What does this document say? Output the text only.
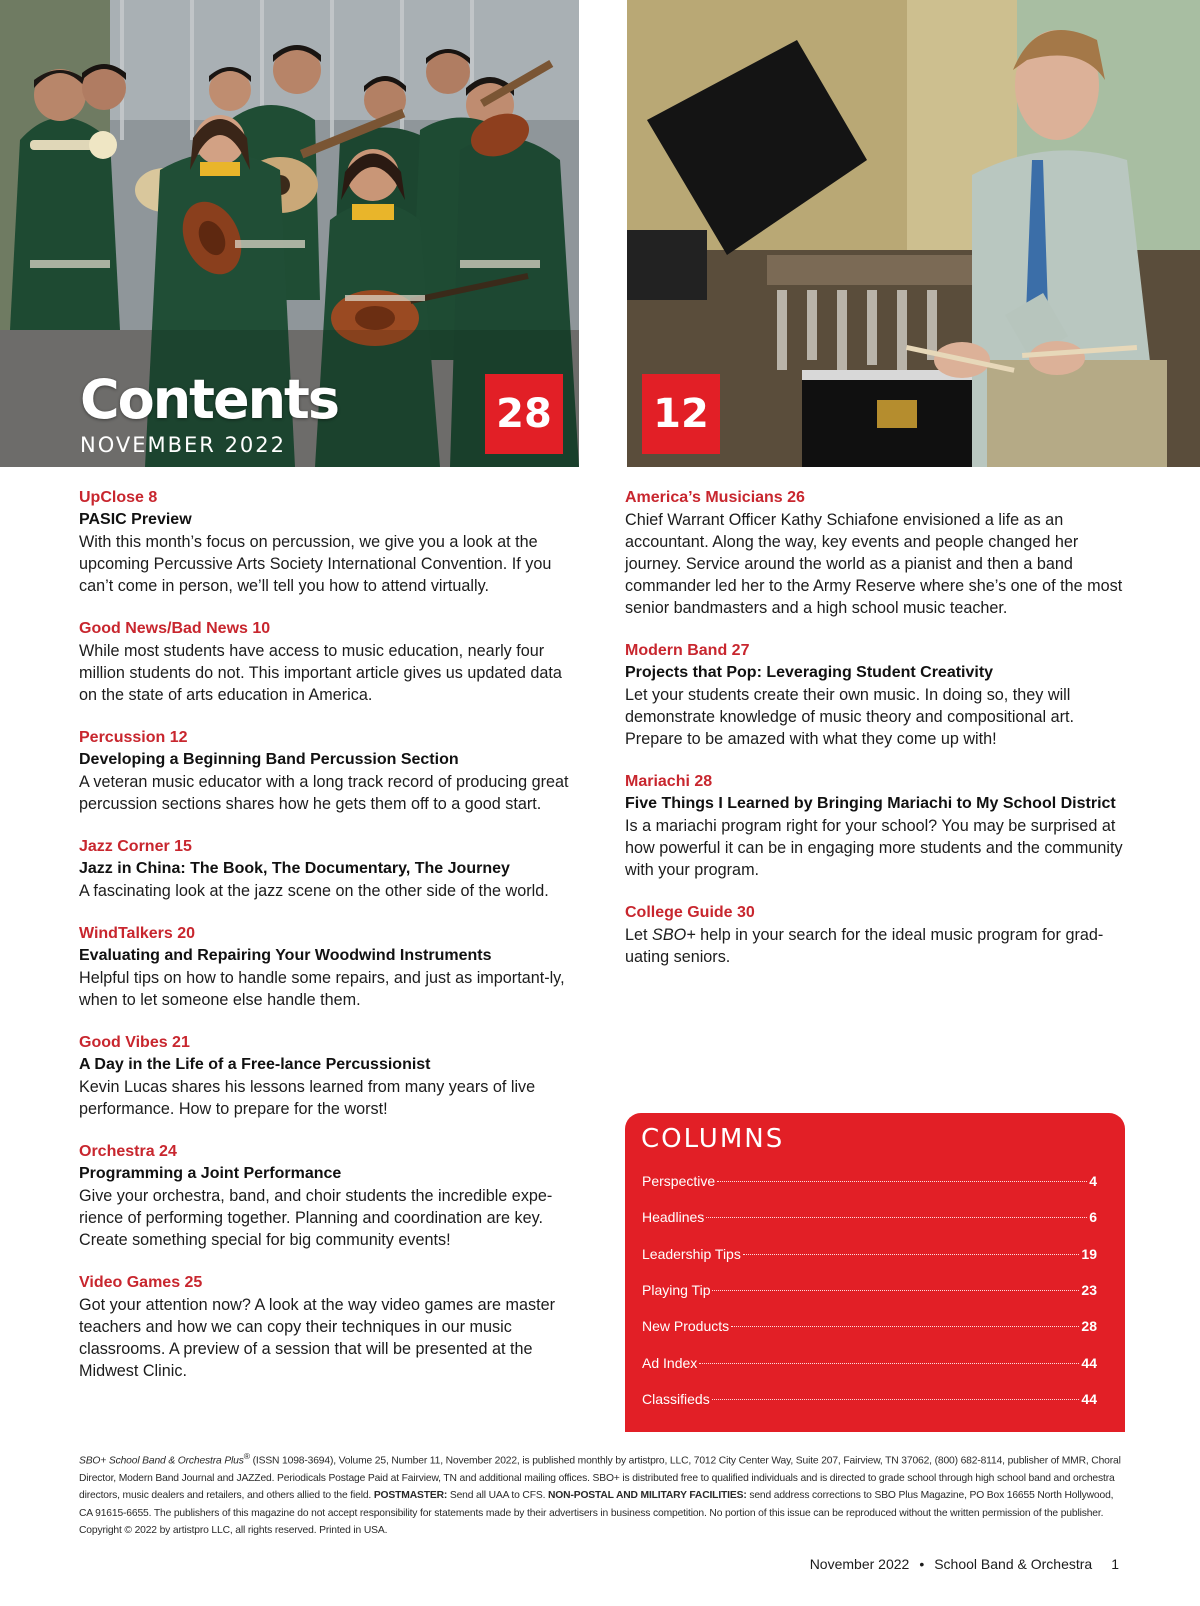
Contents
NOVEMBER 2022
28	12
UpClose 8
PASIC Preview
With this month’s focus on percussion, we give you a look at the upcoming Percussive Arts Society International Convention. If you can’t come in person, we’ll tell you how to attend virtually.
Good News/Bad News 10
While most students have access to music education, nearly four million students do not. This important article gives us updated data on the state of arts education in America.
Percussion 12
Developing a Beginning Band Percussion Section
A veteran music educator with a long track record of producing great percussion sections shares how he gets them off to a good start.
Jazz Corner 15
Jazz in China: The Book, The Documentary, The Journey
A fascinating look at the jazz scene on the other side of the world.
WindTalkers 20
Evaluating and Repairing Your Woodwind Instruments
Helpful tips on how to handle some repairs, and just as important-ly, when to let someone else handle them.
Good Vibes 21
A Day in the Life of a Free-lance Percussionist
Kevin Lucas shares his lessons learned from many years of live performance. How to prepare for the worst!
Orchestra 24
Programming a Joint Performance
Give your orchestra, band, and choir students the incredible expe-rience of performing together. Planning and coordination are key. Create something special for big community events!
Video Games 25
Got your attention now? A look at the way video games are master teachers and how we can copy their techniques in our music classrooms. A preview of a session that will be presented at the Midwest Clinic.
America’s Musicians 26
Chief Warrant Officer Kathy Schiafone envisioned a life as an accountant. Along the way, key events and people changed her journey. Service around the world as a pianist and then a band commander led her to the Army Reserve where she’s one of the most senior bandmasters and a high school music teacher.
Modern Band 27
Projects that Pop: Leveraging Student Creativity
Let your students create their own music. In doing so, they will demonstrate knowledge of music theory and compositional art. Prepare to be amazed with what they come up with!
Mariachi 28
Five Things I Learned by Bringing Mariachi to My School District
Is a mariachi program right for your school? You may be surprised at how powerful it can be in engaging more students and the community with your program.
College Guide 30
Let SBO+ help in your search for the ideal music program for grad-uating seniors.
COLUMNS
Perspective	4
Headlines	6
Leadership Tips	19
Playing Tip	23
New Products	28
Ad Index	44
Classifieds	44
SBO+ School Band & Orchestra Plus® (ISSN 1098-3694), Volume 25, Number 11, November 2022, is published monthly by artistpro, LLC, 7012 City Center Way, Suite 207, Fairview, TN 37062, (800) 682-8114, publisher of MMR, Choral Director, Modern Band Journal and JAZZed. Periodicals Postage Paid at Fairview, TN and additional mailing offices. SBO+ is distributed free to qualified individuals and is directed to grade school through high school band and orchestra directors, music dealers and retailers, and others allied to the field. POSTMASTER: Send all UAA to CFS. NON-POSTAL AND MILITARY FACILITIES: send address corrections to SBO Plus Magazine, PO Box 16655 North Hollywood, CA 91615-6655. The publishers of this magazine do not accept responsibility for statements made by their advertisers in business competition. No portion of this issue can be reproduced without the written permission of the publisher. Copyright © 2022 by artistpro LLC, all rights reserved. Printed in USA.
November 2022 • School Band & Orchestra 1
